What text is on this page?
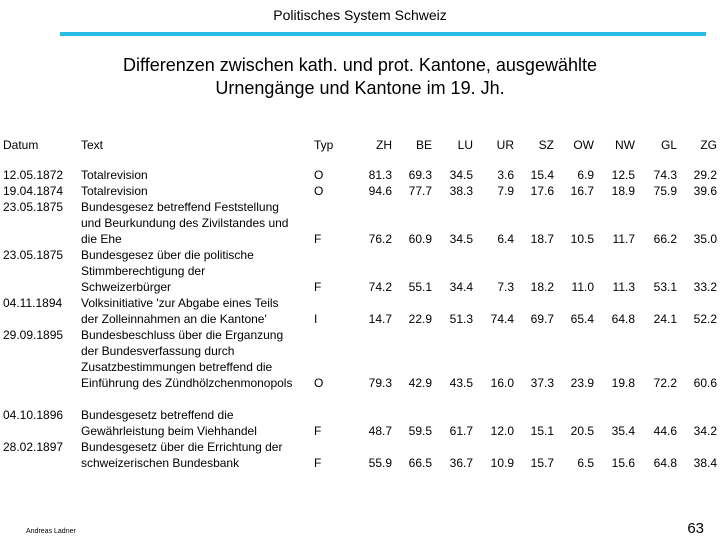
Politisches System Schweiz
Differenzen zwischen kath. und prot. Kantone, ausgewählte
Urnengänge und Kantone im 19. Jh.
Datum	Text	Typ	ZH	BE	LU	UR	SZ	OW	NW	GL	ZG
12.05.1872 Totalrevision	O	81.3	69.3	34.5	3.6	15.4	6.9	12.5	74.3	29.2
19.04.1874 Totalrevision	O	94.6	77.7	38.3	7.9	17.6	16.7	18.9	75.9	39.6
23.05.1875 Bundesgesez betreffend Feststellung
und Beurkundung des Zivilstandes und
die Ehe	F	76.2	60.9	34.5	6.4	18.7	10.5	11.7	66.2	35.0
23.05.1875 Bundesgesez über die politische
Stimmberechtigung der
Schweizerbürger	F	74.2	55.1	34.4	7.3	18.2	11.0	11.3	53.1	33.2
04.11.1894 Volksinitiative 'zur Abgabe eines Teils
der Zolleinnahmen an die Kantone'	I	14.7	22.9	51.3	74.4	69.7	65.4	64.8	24.1	52.2
29.09.1895 Bundesbeschluss über die Erganzung
der Bundesverfassung durch
Zusatzbestimmungen betreffend die
Einführung des Zündhölzchenmonopols O	79.3	42.9	43.5	16.0	37.3	23.9	19.8	72.2	60.6
04.10.1896 Bundesgesetz betreffend die
Gewährleistung beim Viehhandel	F	48.7	59.5	61.7	12.0	15.1	20.5	35.4	44.6	34.2
28.02.1897 Bundesgesetz über die Errichtung der
schweizerischen Bundesbank	F	55.9	66.5	36.7	10.9	15.7	6.5	15.6	64.8	38.4
Andreas Ladner	63
